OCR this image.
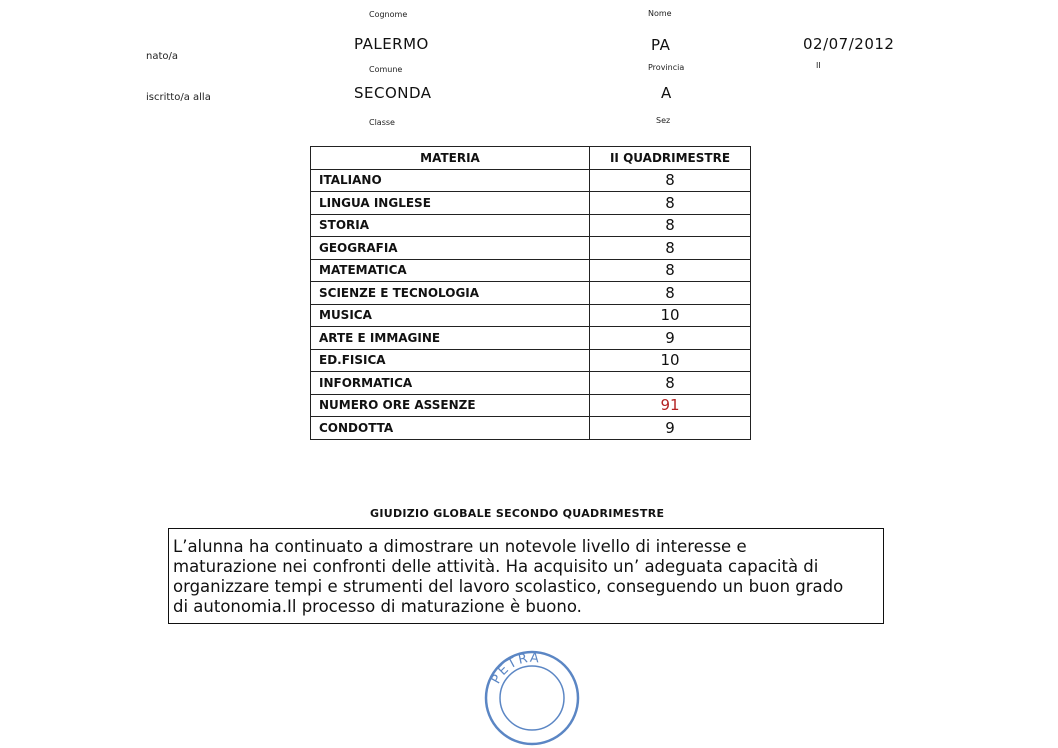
Cognome	Nome
nato/a
PALERMO	PA	02/07/2012
II
Comune	Provincia
iscritto/a alla	SECONDA	A
Classe	Sez
MATERIA	II QUADRIMESTRE
ITALIANO	8
LINGUA INGLESE	8
STORIA	8
GEOGRAFIA	8
MATEMATICA	8
SCIENZE E TECNOLOGIA	8
MUSICA	10
ARTE E IMMAGINE	9
ED.FISICA	10
INFORMATICA	8
NUMERO ORE ASSENZE	91
CONDOTTA	9
GIUDIZIO GLOBALE SECONDO QUADRIMESTRE
L’alunna ha continuato a dimostrare un notevole livello di interesse e
maturazione nei confronti delle attività. Ha acquisito un’ adeguata capacità di
organizzare tempi e strumenti del lavoro scolastico, conseguendo un buon grado
di autonomia.Il processo di maturazione è buono.
PETRA
